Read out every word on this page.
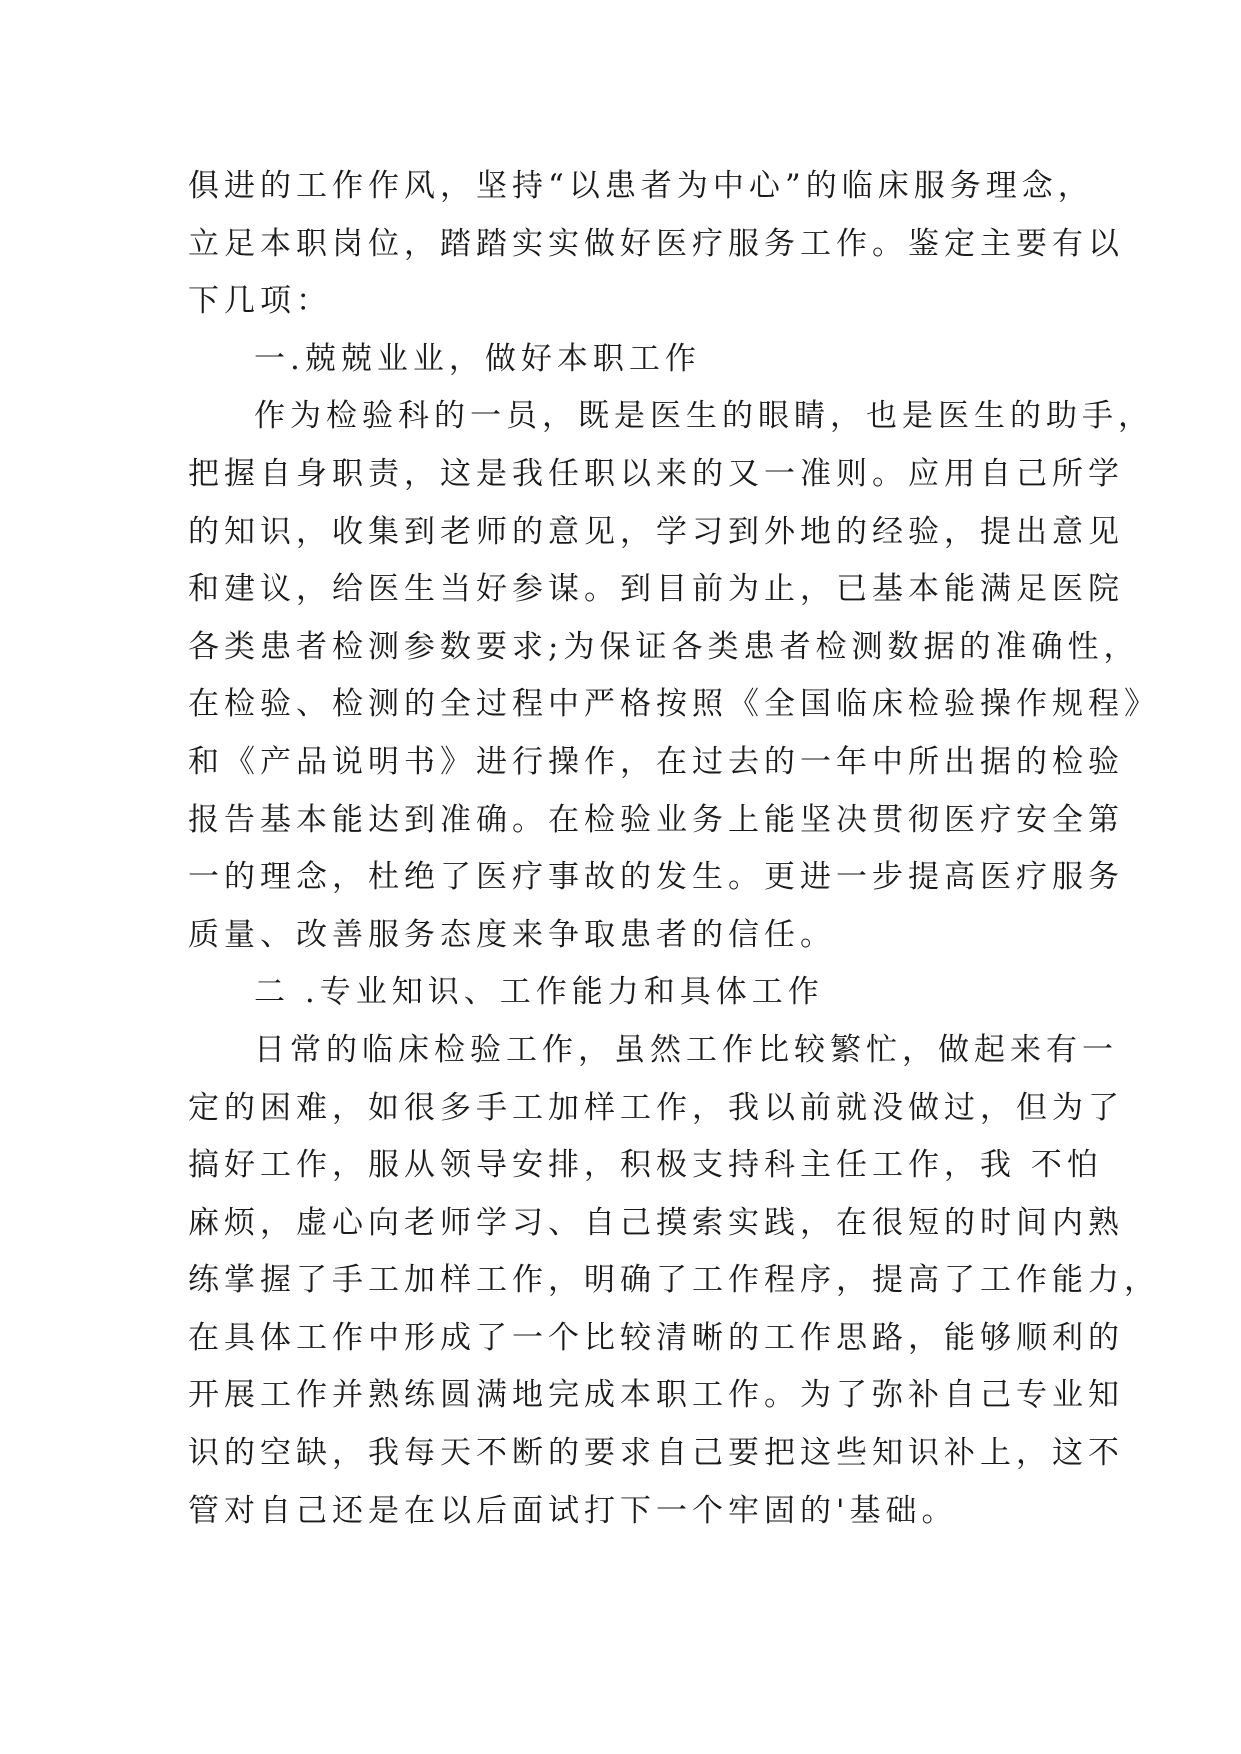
俱进的工作作风，坚持“以患者为中心”的临床服务理念，
立足本职岗位，踏踏实实做好医疗服务工作。鉴定主要有以
下几项：
一.兢兢业业，做好本职工作
作为检验科的一员，既是医生的眼睛，也是医生的助手，
把握自身职责，这是我任职以来的又一准则。应用自己所学
的知识，收集到老师的意见，学习到外地的经验，提出意见
和建议，给医生当好参谋。到目前为止，已基本能满足医院
各类患者检测参数要求;为保证各类患者检测数据的准确性，
在检验、检测的全过程中严格按照《全国临床检验操作规程》
和《产品说明书》进行操作，在过去的一年中所出据的检验
报告基本能达到准确。在检验业务上能坚决贯彻医疗安全第
一的理念，杜绝了医疗事故的发生。更进一步提高医疗服务
质量、改善服务态度来争取患者的信任。
二 .专业知识、工作能力和具体工作
日常的临床检验工作，虽然工作比较繁忙，做起来有一
定的困难，如很多手工加样工作，我以前就没做过，但为了
搞好工作，服从领导安排，积极支持科主任工作，我 不怕
麻烦，虚心向老师学习、自己摸索实践，在很短的时间内熟
练掌握了手工加样工作，明确了工作程序，提高了工作能力，
在具体工作中形成了一个比较清晰的工作思路，能够顺利的
开展工作并熟练圆满地完成本职工作。为了弥补自己专业知
识的空缺，我每天不断的要求自己要把这些知识补上，这不
管对自己还是在以后面试打下一个牢固的'基础。
